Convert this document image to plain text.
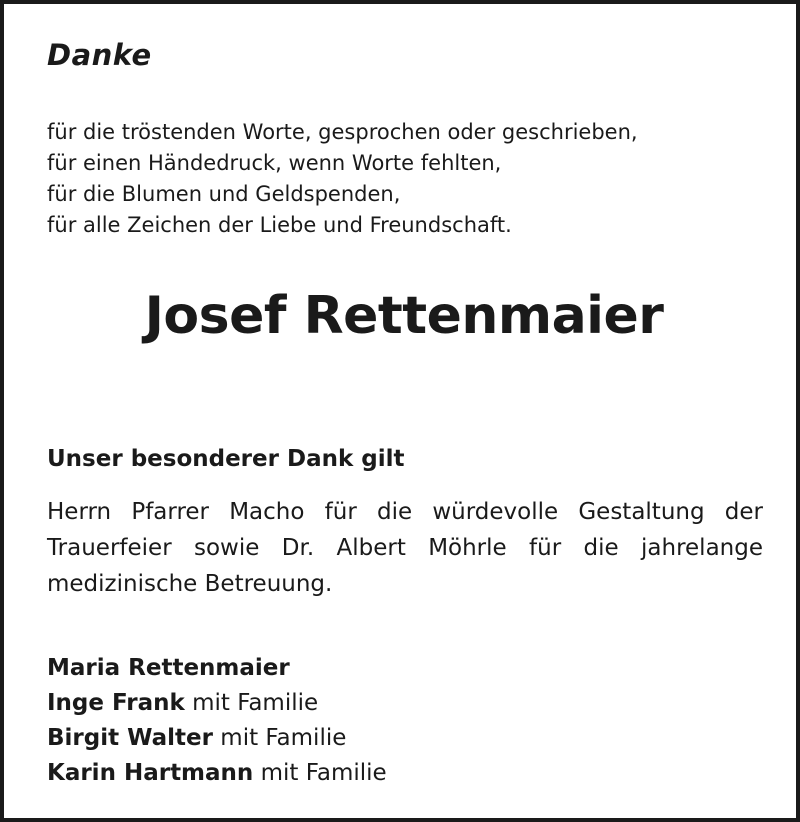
Danke
für die tröstenden Worte, gesprochen oder geschrieben,
für einen Händedruck, wenn Worte fehlten,
für die Blumen und Geldspenden,
für alle Zeichen der Liebe und Freundschaft.
Josef Rettenmaier
Unser besonderer Dank gilt
Herrn Pfarrer Macho für die würdevolle Gestaltung der Trauerfeier sowie Dr. Albert Möhrle für die jahrelange medizinische Betreuung.
Maria Rettenmaier
Inge Frank mit Familie
Birgit Walter mit Familie
Karin Hartmann mit Familie
